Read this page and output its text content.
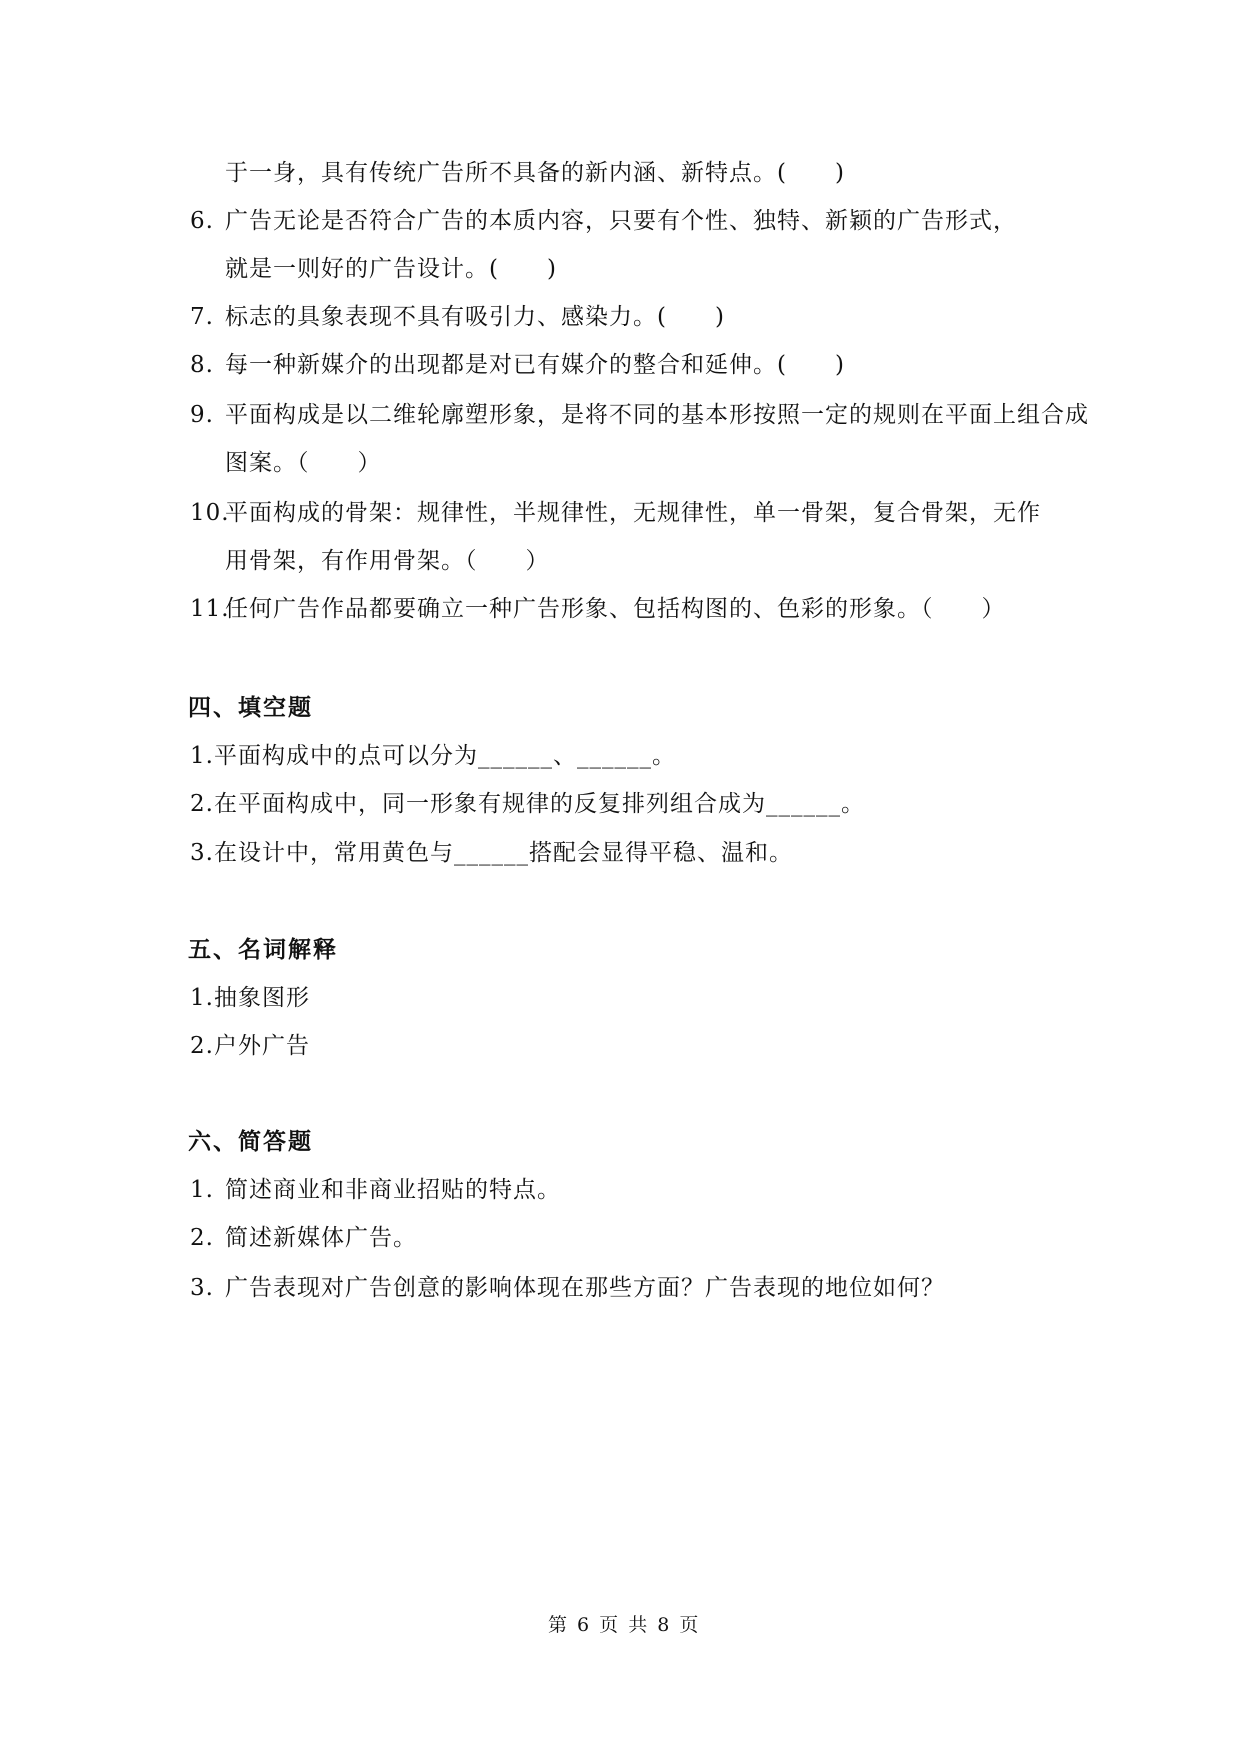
于一身，具有传统广告所不具备的新内涵、新特点。(　　)
6. 广告无论是否符合广告的本质内容，只要有个性、独特、新颖的广告形式，
就是一则好的广告设计。(　　)
7. 标志的具象表现不具有吸引力、感染力。(　　)
8. 每一种新媒介的出现都是对已有媒介的整合和延伸。(　　)
9. 平面构成是以二维轮廓塑形象，是将不同的基本形按照一定的规则在平面上组合成
图案。（　　）
10.平面构成的骨架：规律性，半规律性，无规律性，单一骨架，复合骨架，无作
用骨架，有作用骨架。（　　）
11.任何广告作品都要确立一种广告形象、包括构图的、色彩的形象。（　　）
四、填空题
1.平面构成中的点可以分为______、______。
2.在平面构成中，同一形象有规律的反复排列组合成为______。
3.在设计中，常用黄色与______搭配会显得平稳、温和。
五、名词解释
1.抽象图形
2.户外广告
六、简答题
1. 简述商业和非商业招贴的特点。
2. 简述新媒体广告。
3. 广告表现对广告创意的影响体现在那些方面？广告表现的地位如何？
第 6 页 共 8 页
